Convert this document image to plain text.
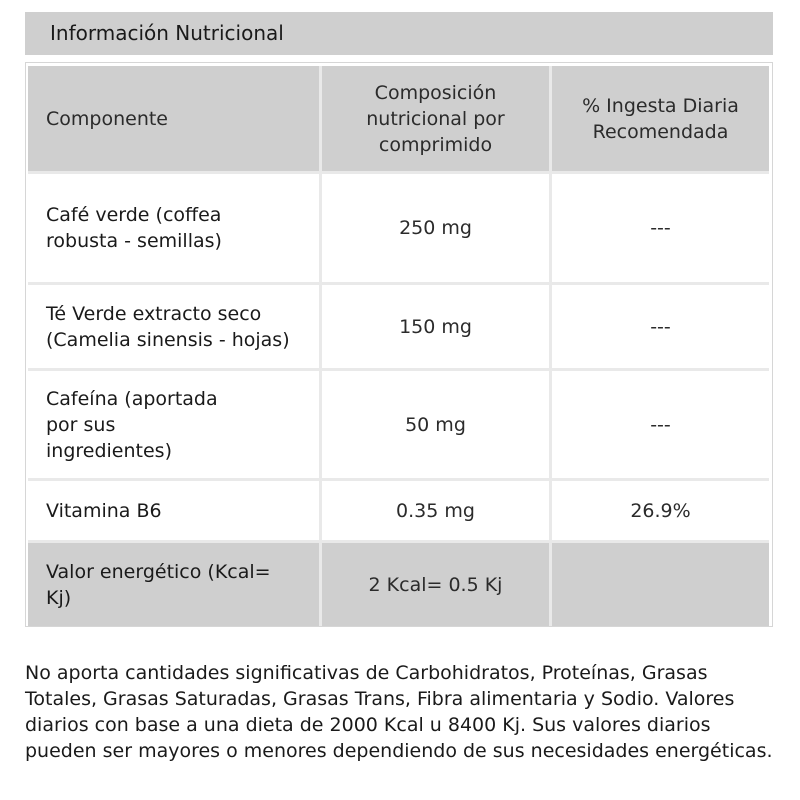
Información Nutricional
Componente	Composición nutricional por comprimido	% Ingesta Diaria Recomendada

Café verde (coffea robusta - semillas)	250 mg	---

Té Verde extracto seco (Camelia sinensis - hojas)	150 mg	---

Cafeína (aportada por sus ingredientes)	50 mg	---
Vitamina B6	0.35 mg	26.9%

Valor energético (Kcal= Kj)	2 Kcal= 0.5 Kj	
No aporta cantidades significativas de Carbohidratos, Proteínas, Grasas Totales, Grasas Saturadas, Grasas Trans, Fibra alimentaria y Sodio. Valores diarios con base a una dieta de 2000 Kcal u 8400 Kj. Sus valores diarios pueden ser mayores o menores dependiendo de sus necesidades energéticas.
